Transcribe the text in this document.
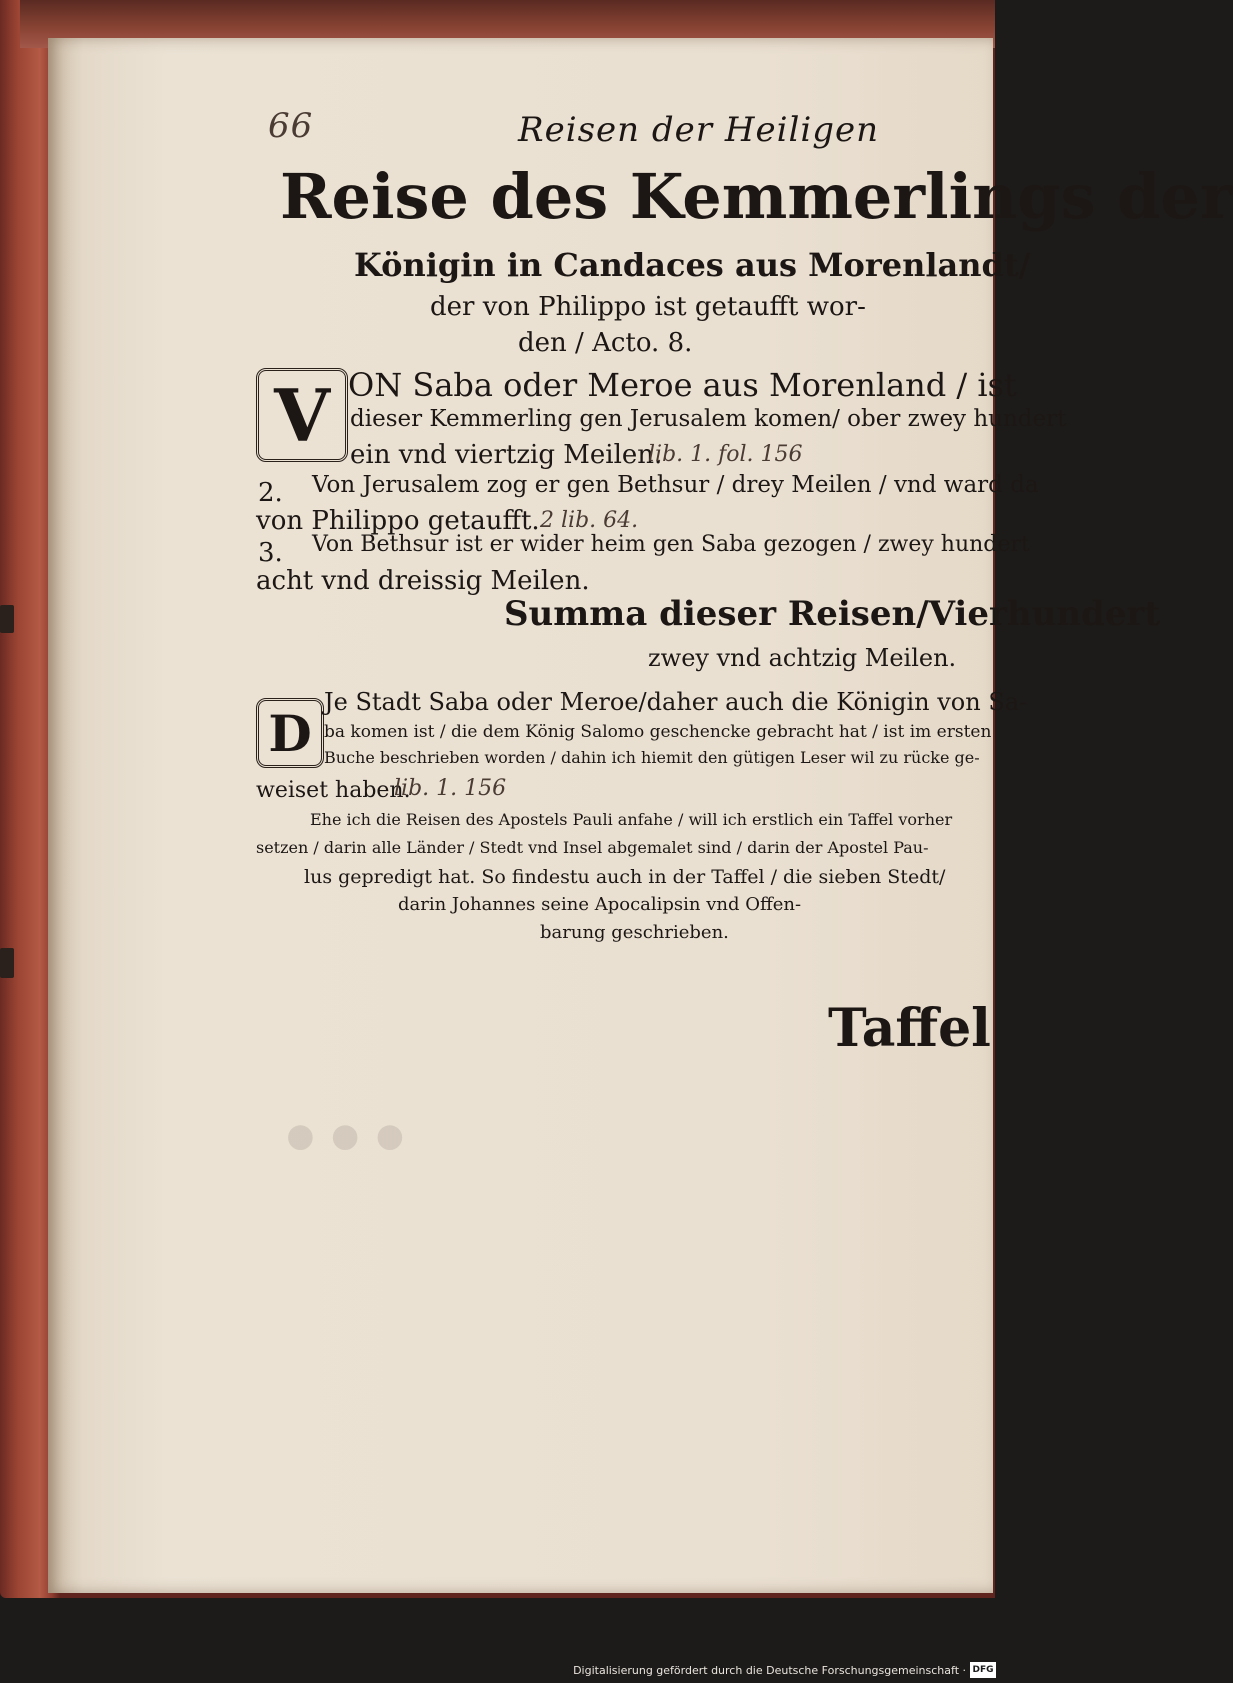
•••
66	Reisen der Heiligen
Reise des Kemmerlings der
Königin in Candaces aus Morenlandt/
der von Philippo ist getaufft wor-
den / Acto. 8.
V ON Saba oder Meroe aus Morenland / ist
dieser Kemmerling gen Jerusalem komen/ ober zwey hundert
ein vnd viertzig Meilen.
lib. 1. fol. 156
2. Von Jerusalem zog er gen Bethsur / drey Meilen / vnd ward da
von Philippo getaufft. 2 lib. 64.
3. Von Bethsur ist er wider heim gen Saba gezogen / zwey hundert
acht vnd dreissig Meilen.
Summa dieser Reisen/Vierhundert
zwey vnd achtzig Meilen.
D
Je Stadt Saba oder Meroe/daher auch die Königin von Sa-
ba komen ist / die dem König Salomo geschencke gebracht hat / ist im ersten
Buche beschrieben worden / dahin ich hiemit den gütigen Leser wil zu rücke ge-
weiset haben.
lib. 1. 156
Ehe ich die Reisen des Apostels Pauli anfahe / will ich erstlich ein Taffel vorher
setzen / darin alle Länder / Stedt vnd Insel abgemalet sind / darin der Apostel Pau-
lus gepredigt hat. So findestu auch in der Taffel / die sieben Stedt/
darin Johannes seine Apocalipsin vnd Offen-
barung geschrieben.
Taffel
Digitalisierung gefördert durch die Deutsche Forschungsgemeinschaft · DFG
